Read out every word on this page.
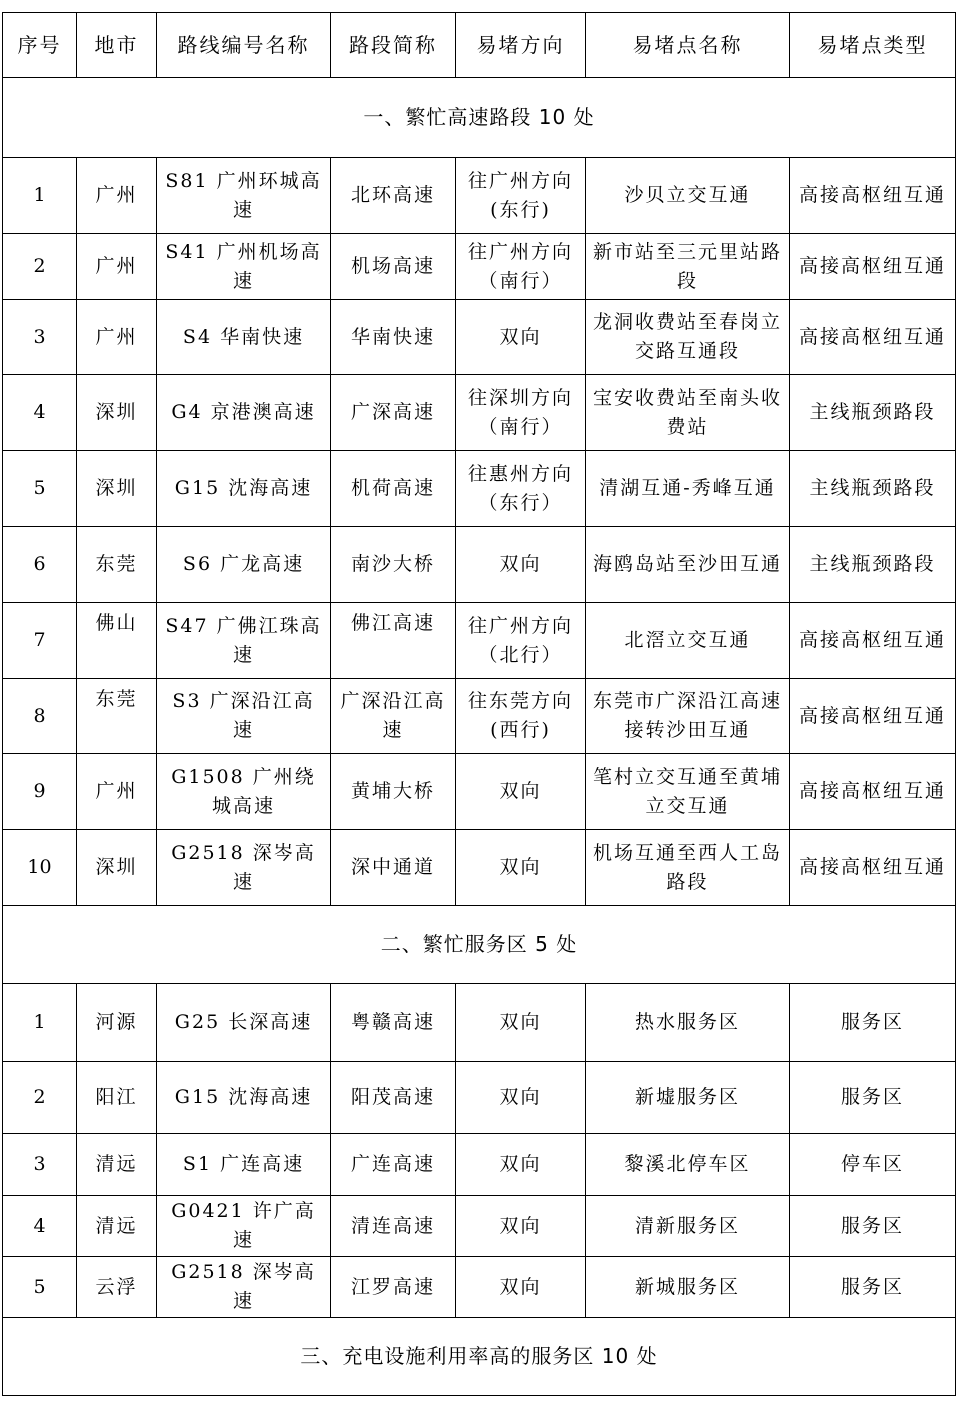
序号	地市	路线编号名称	路段简称	易堵方向	易堵点名称	易堵点类型
一、繁忙高速路段 10 处						
1	广州	S81 广州环城高速	北环高速	往广州方向(东行)	沙贝立交互通	高接高枢纽互通
2	广州	S41 广州机场高速	机场高速	往广州方向（南行）	新市站至三元里站路段	高接高枢纽互通
3	广州	S4 华南快速	华南快速	双向	龙洞收费站至春岗立交路互通段	高接高枢纽互通
4	深圳	G4 京港澳高速	广深高速	往深圳方向（南行）	宝安收费站至南头收费站	主线瓶颈路段
5	深圳	G15 沈海高速	机荷高速	往惠州方向（东行）	清湖互通-秀峰互通	主线瓶颈路段
6	东莞	S6 广龙高速	南沙大桥	双向	海鸥岛站至沙田互通	主线瓶颈路段
7	佛山	S47 广佛江珠高速	佛江高速	往广州方向（北行）	北滘立交互通	高接高枢纽互通
8	东莞	S3 广深沿江高速	广深沿江高速	往东莞方向(西行)	东莞市广深沿江高速接转沙田互通	高接高枢纽互通
9	广州	G1508 广州绕城高速	黄埔大桥	双向	笔村立交互通至黄埔立交互通	高接高枢纽互通
10	深圳	G2518 深岑高速	深中通道	双向	机场互通至西人工岛路段	高接高枢纽互通
二、繁忙服务区 5 处						
1	河源	G25 长深高速	粤赣高速	双向	热水服务区	服务区
2	阳江	G15 沈海高速	阳茂高速	双向	新墟服务区	服务区
3	清远	S1 广连高速	广连高速	双向	黎溪北停车区	停车区
4	清远	G0421 许广高速	清连高速	双向	清新服务区	服务区
5	云浮	G2518 深岑高速	江罗高速	双向	新城服务区	服务区
三、充电设施利用率高的服务区 10 处						
